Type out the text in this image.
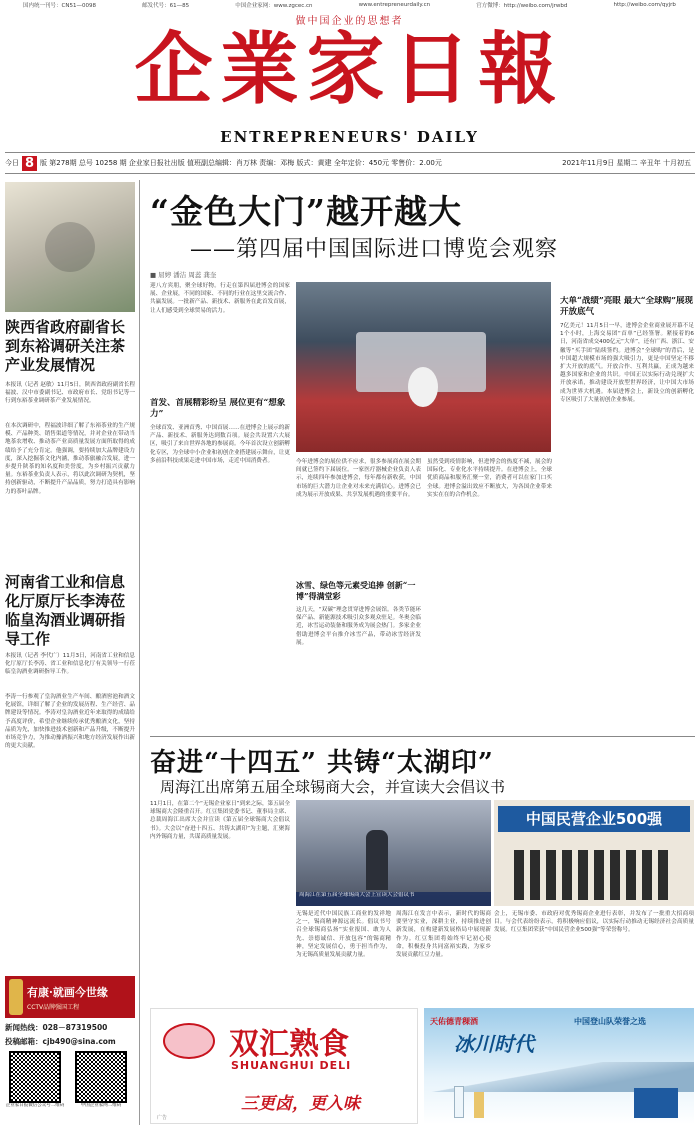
国内统一刊号：CN51—0098	邮发代号：61—85	中国企业家网：www.zgcec.cn	www.entrepreneurdaily.cn	官方微博：http://weibo.com/jrwbd	http://weibo.com/qyjrb
做中国企业的思想者
企業家日報
ENTREPRENEURS' DAILY
今日 8 版 第278期 总号 10258 期 企业家日报社出版 值班副总编辑：肖万林 责编：邓梅 版式：黄建 全年定价：450元 零售价：2.00元	2021年11月9日 星期二 辛丑年 十月初五
陕西省政府副省长到东裕调研关注茶产业发展情况
本报讯（记者 赵敏）11月5日，陕西省政府副省长程福波、汉中市委副书记、市政府市长、党组书记等一行到东裕茶业调研茶产业发展情况。
在本次调研中，程福波详细了解了东裕茶业的生产规模、产品种类、销售渠道等情况，并对企业在带动当地茶农增收、推动茶产业高质量发展方面所取得的成绩给予了充分肯定。他强调，要持续加大品牌建设力度，深入挖掘茶文化内涵，推动茶旅融合发展，进一步提升陕茶的知名度和美誉度，为乡村振兴贡献力量。东裕茶业负责人表示，将以此次调研为契机，坚持创新驱动，不断提升产品品质，努力打造具有影响力的茶叶品牌。
河南省工业和信息化厅原厅长李涛莅临皇沟酒业调研指导工作
本报讯（记者 李代广）11月3日，河南省工业和信息化厅原厅长李涛、省工业和信息化厅有关领导一行莅临皇沟酒业调研指导工作。
李涛一行参观了皇沟酒业生产车间、酿酒窖池和酒文化展馆，详细了解了企业的发展历程、生产经营、品牌建设等情况。李涛对皇沟酒业近年来取得的成绩给予高度评价，希望企业继续传承优秀酿酒文化，坚持品质为先，加快推进技术创新和产品升级，不断提升市场竞争力，为推动豫酒振兴和地方经济发展作出新的更大贡献。
有康·就画今世缘
CCTV品牌强国工程
新闻热线：028－87319500
投稿邮箱：cjb490@sina.com
企业家日报微信公众号二维码	中国企业家网二维码
“金色大门”越开越大
——第四届中国国际进口博览会观察
■ 屈婷 潘洁 周蕊 龚奎
迎八方宾朋，聚全球好物。行走在第四届进博会的国家展、企业展，不同的国家、不同的行业在这里交流合作、共赢发展。一批新产品、新技术、新服务在此首发首展，让人们感受到全球贸易的活力。
首发、首展精彩纷呈 展位更有“想象力”
全球首发、亚洲首秀、中国首展……在进博会上展示的新产品、新技术、新服务达到数百项。展会共设置六大展区，吸引了来自世界各地的参展商。今年首次设立创新孵化专区，为全球中小企业和初创企业搭建展示舞台，让更多前沿科技成果走进中国市场，走近中国消费者。	今年进博会的展位供不应求，很多参展商在展会期间就已签约下届展位。一家医疗器械企业负责人表示，连续四年参加进博会，每年都有新收获，中国市场的巨大潜力让企业对未来充满信心。进博会已成为展示开放成果、共享发展机遇的重要平台。
冰雪、绿色等元素受追捧 创新“一博”得满堂彩
这几天，“双碳”理念贯穿进博会展馆。各类节能环保产品、新能源技术吸引众多观众驻足。冬奥会临近，冰雪运动装备和服务成为展会热门。多家企业借助进博会平台推介冰雪产品，带动冰雪经济发展。
虽然受到疫情影响，但进博会的热度不减，展会的国际化、专业化水平持续提升。在进博会上，全球优质商品和服务汇聚一堂，消费者可以在家门口买全球。进博会溢出效应不断放大，为各国企业带来实实在在的合作机会。
大单“战绩”亮眼 最大“全球购”展现开放底气
7亿美元！11月5日一早，进博会企业商业展开幕不足1个小时，上海交易团“首单”已经签署。紧接着的6日，河南省成交400亿元“大单”，还有广西、浙江、安徽等“买手团”陆续签约。进博会“全球购”的背后，是中国超大规模市场的强大吸引力，更是中国坚定不移扩大开放的底气。开放合作、互利共赢，正成为越来越多国家和企业的共识。中国正以实际行动兑现扩大开放承诺，推动建设开放型世界经济，让中国大市场成为世界大机遇。本届进博会上，新设立的创新孵化专区吸引了大量初创企业参展。
奋进“十四五” 共铸“太湖印”
周海江出席第五届全球锡商大会，并宣读大会倡议书
11月1日，在第二个“无锡企业家日”到来之际，第五届全球锡商大会隆重召开。红豆集团党委书记、董事局主席、总裁周海江出席大会并宣读《第五届全球锡商大会倡议书》。大会以“奋进十四五、共铸太湖印”为主题，汇聚海内外锡商力量，共谋高质量发展。
周海江在第五届全球锡商大会上宣读大会倡议书
中国民营企业500强
无锡是近代中国民族工商业的发祥地之一，锡商精神源远流长。倡议书号召全球锡商弘扬“实业报国、敢为人先、崇德诚信、开放包容”的锡商精神，坚定发展信心，勇于担当作为，为无锡高质量发展贡献力量。
周海江在发言中表示，新时代的锡商要坚守实业，深耕主业，持续推进创新发展，在构建新发展格局中展现新作为。红豆集团将始终牢记初心使命，积极投身共同富裕实践，为家乡发展贡献红豆力量。
会上，无锡市委、市政府对优秀锡商企业进行表彰，并发布了一批重大招商项目。与会代表纷纷表示，将积极响应倡议，以实际行动推动无锡经济社会高质量发展。红豆集团荣获“中国民营企业500强”等荣誉称号。
双汇熟食
SHUANGHUI DELI
三更卤，更入味
广告
天佑德青稞酒
冰川时代
中国登山队荣誉之选
